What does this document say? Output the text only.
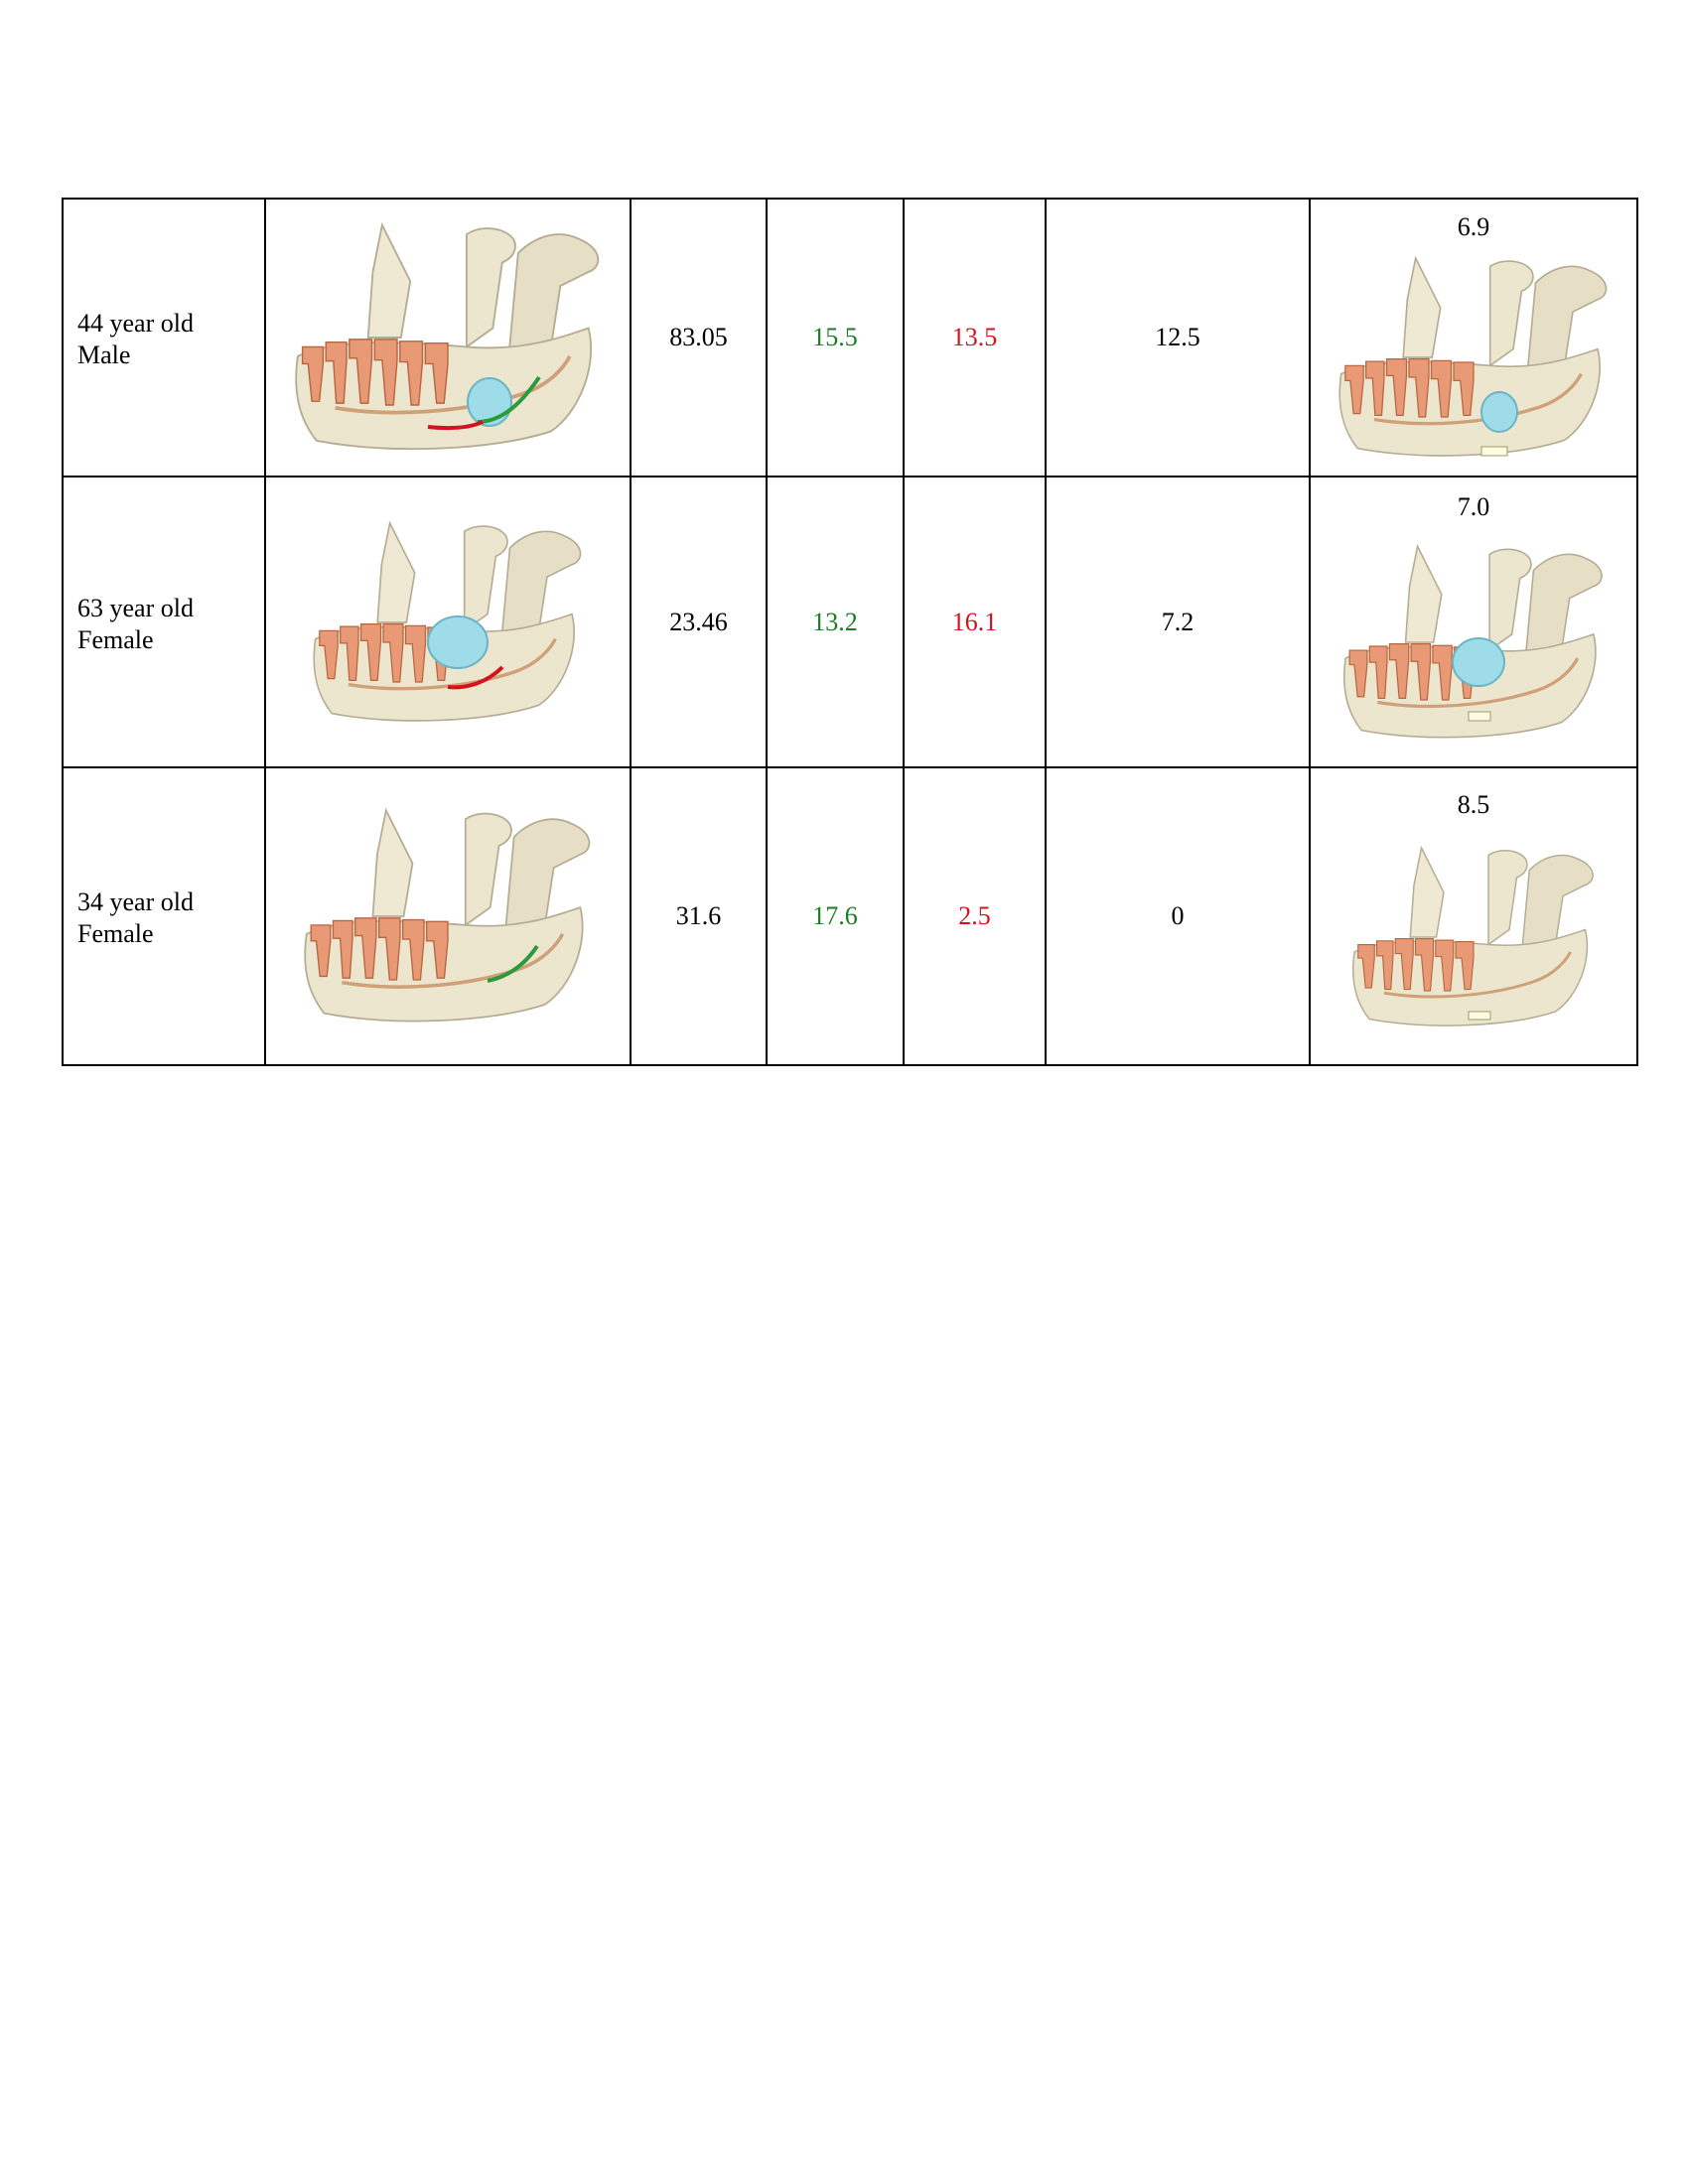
44 year old
Male		83.05	15.5	13.5	12.5	6.9

63 year old
Female		23.46	13.2	16.1	7.2	7.0

34 year old
Female		31.6	17.6	2.5	0	8.5
